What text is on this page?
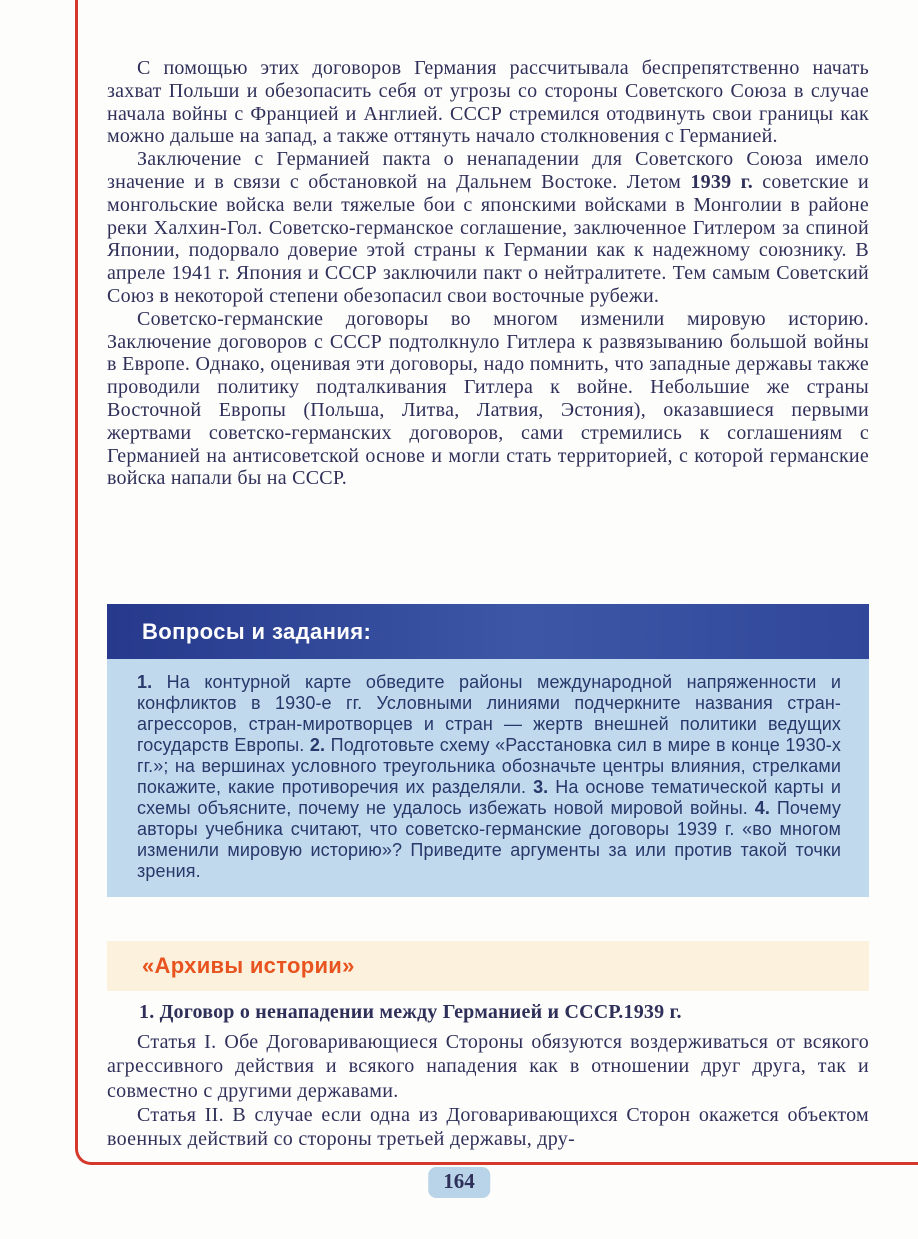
С помощью этих договоров Германия рассчитывала беспрепятственно начать захват Польши и обезопасить себя от угрозы со стороны Советского Союза в случае начала войны с Францией и Англией. СССР стремился отодвинуть свои границы как можно дальше на запад, а также оттянуть начало столкновения с Германией.

Заключение с Германией пакта о ненападении для Советского Союза имело значение и в связи с обстановкой на Дальнем Востоке. Летом 1939 г. советские и монгольские войска вели тяжелые бои с японскими войсками в Монголии в районе реки Халхин-Гол. Советско-германское соглашение, заключенное Гитлером за спиной Японии, подорвало доверие этой страны к Германии как к надежному союзнику. В апреле 1941 г. Япония и СССР заключили пакт о нейтралитете. Тем самым Советский Союз в некоторой степени обезопасил свои восточные рубежи.

Советско-германские договоры во многом изменили мировую историю. Заключение договоров с СССР подтолкнуло Гитлера к развязыванию большой войны в Европе. Однако, оценивая эти договоры, надо помнить, что западные державы также проводили политику подталкивания Гитлера к войне. Небольшие же страны Восточной Европы (Польша, Литва, Латвия, Эстония), оказавшиеся первыми жертвами советско-германских договоров, сами стремились к соглашениям с Германией на антисоветской основе и могли стать территорией, с которой германские войска напали бы на СССР.

Вопросы и задания:

1. На контурной карте обведите районы международной напряженности и конфликтов в 1930-е гг. Условными линиями подчеркните названия стран-агрессоров, стран-миротворцев и стран — жертв внешней политики ведущих государств Европы. 2. Подготовьте схему «Расстановка сил в мире в конце 1930-х гг.»; на вершинах условного треугольника обозначьте центры влияния, стрелками покажите, какие противоречия их разделяли. 3. На основе тематической карты и схемы объясните, почему не удалось избежать новой мировой войны. 4. Почему авторы учебника считают, что советско-германские договоры 1939 г. «во многом изменили мировую историю»? Приведите аргументы за или против такой точки зрения.

«Архивы истории»

1. Договор о ненападении между Германией и СССР.1939 г.

Статья I. Обе Договаривающиеся Стороны обязуются воздерживаться от всякого агрессивного действия и всякого нападения как в отношении друг друга, так и совместно с другими державами.

Статья II. В случае если одна из Договаривающихся Сторон окажется объектом военных действий со стороны третьей державы, дру-

164
